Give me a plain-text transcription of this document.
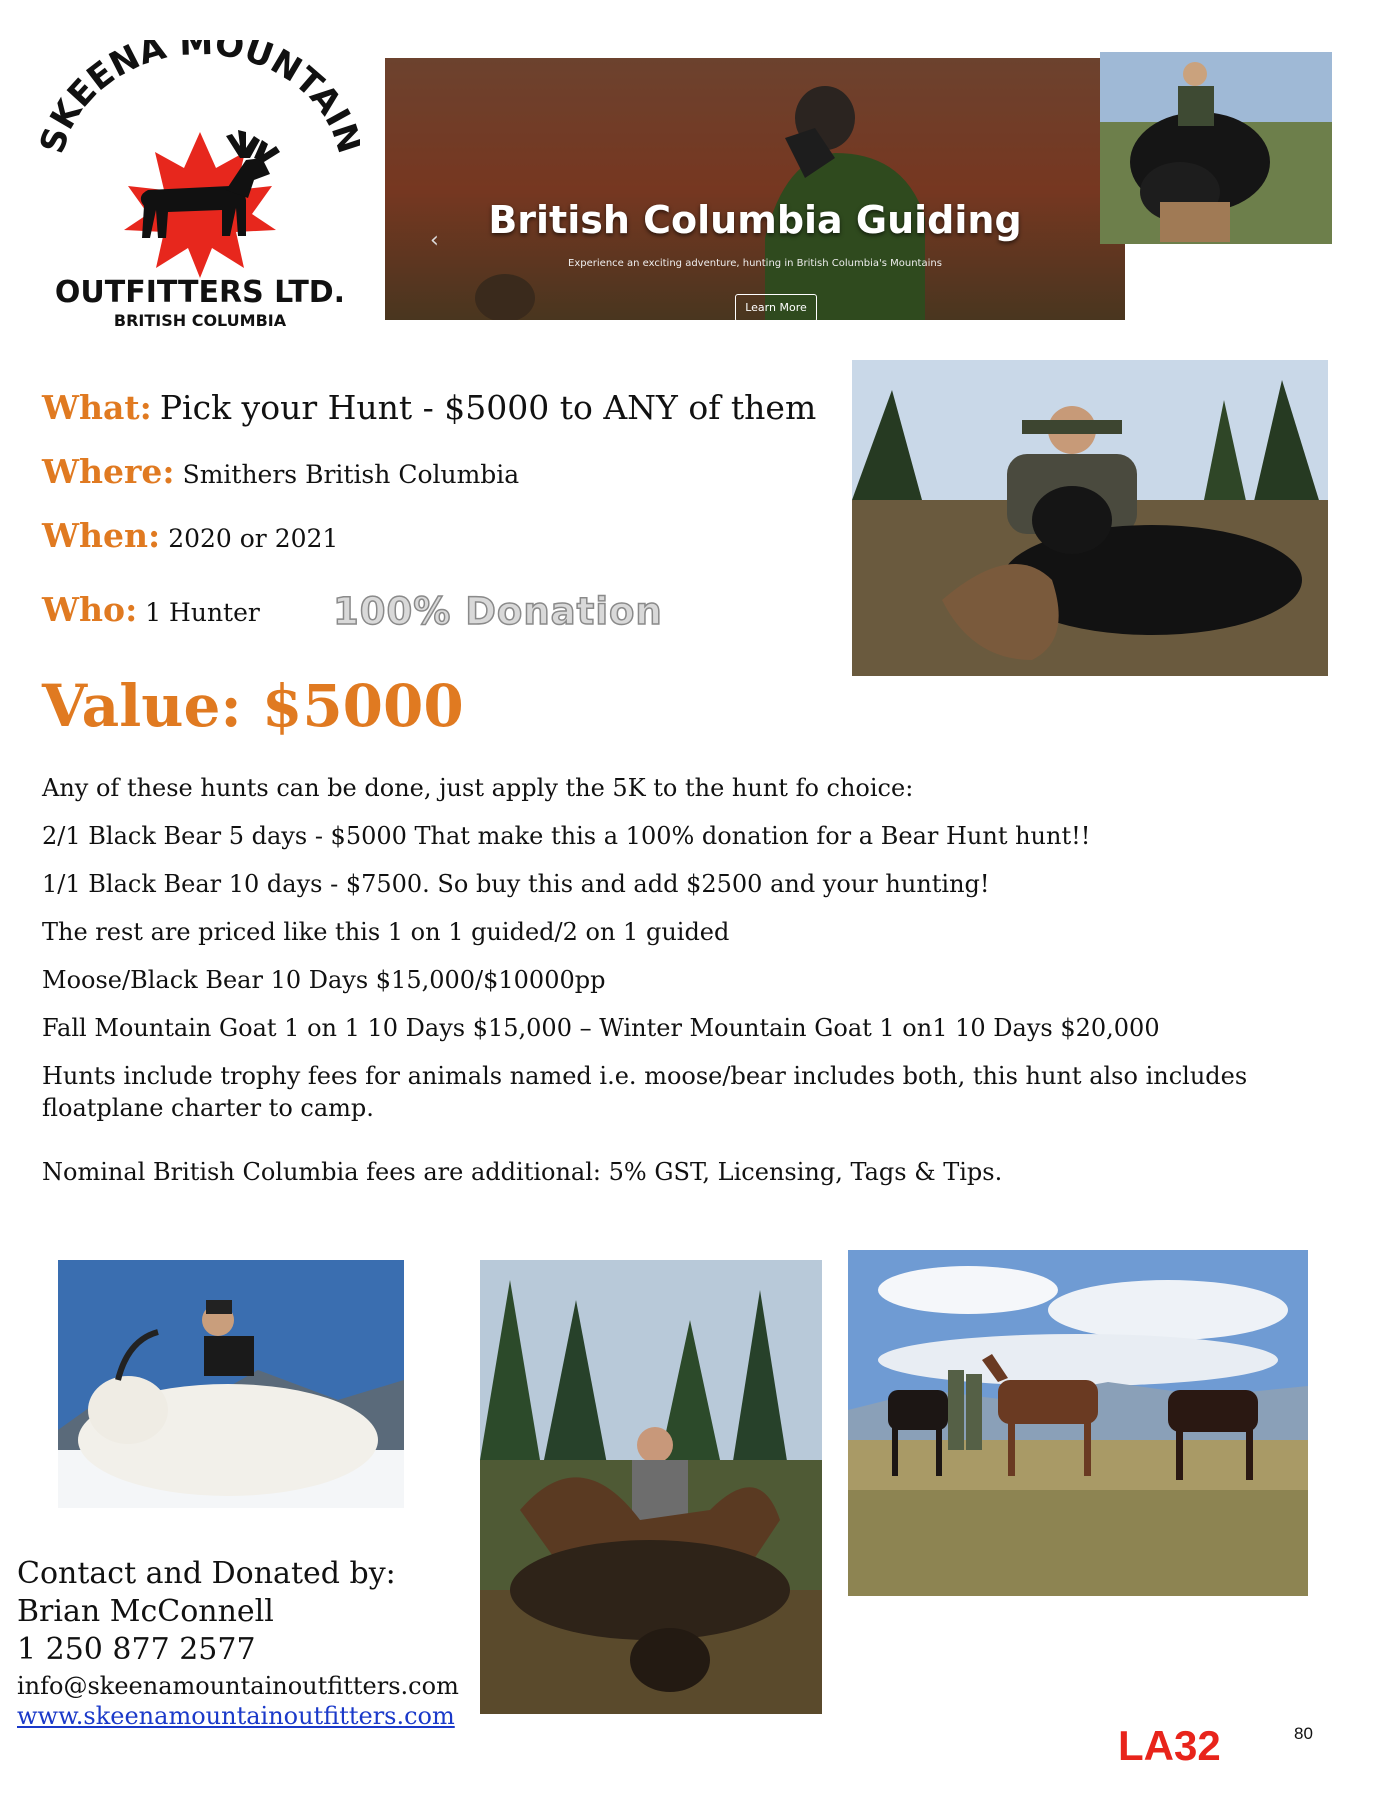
KEENA MOUNTAI
OUTFITTERS LTD.
BRITISH COLUMBIA
‹	British Columbia Guiding
Experience an exciting adventure, hunting in British Columbia's Mountains
Learn More
What: Pick your Hunt - $5000 to ANY of them
Where: Smithers British Columbia
When: 2020 or 2021
Who: 1 Hunter 100% Donation
Value: $5000
Any of these hunts can be done, just apply the 5K to the hunt fo choice:
2/1 Black Bear 5 days - $5000 That make this a 100% donation for a Bear Hunt hunt!!
1/1 Black Bear 10 days - $7500. So buy this and add $2500 and your hunting!
The rest are priced like this 1 on 1 guided/2 on 1 guided
Moose/Black Bear 10 Days $15,000/$10000pp
Fall Mountain Goat 1 on 1 10 Days $15,000 – Winter Mountain Goat 1 on1 10 Days $20,000
Hunts include trophy fees for animals named i.e. moose/bear includes both, this hunt also includes floatplane charter to camp.
Nominal British Columbia fees are additional: 5% GST, Licensing, Tags & Tips.
Contact and Donated by:
Brian McConnell
1 250 877 2577
info@skeenamountainoutfitters.com
www.skeenamountainoutfitters.com
LA32	80
